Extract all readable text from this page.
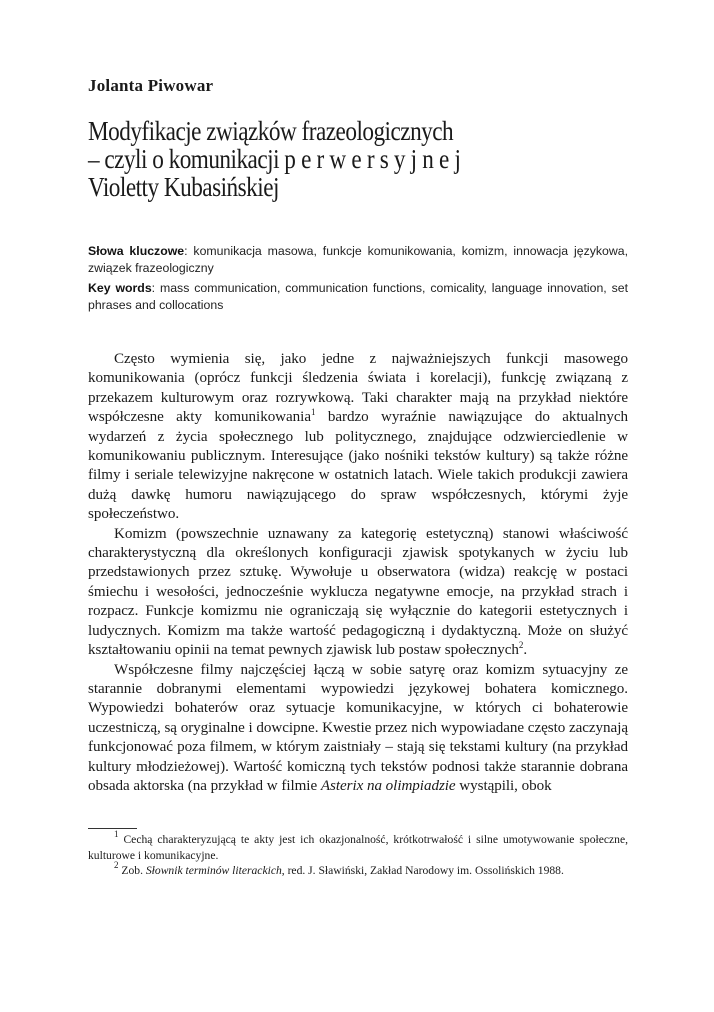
Jolanta Piwowar
Modyfikacje związków frazeologicznych
– czyli o komunikacji perwersyjnej
Violetty Kubasińskiej
Słowa kluczowe: komunikacja masowa, funkcje komunikowania, komizm, innowacja językowa, związek frazeologiczny
Key words: mass communication, communication functions, comicality, language innovation, set phrases and collocations

Często wymienia się, jako jedne z najważniejszych funkcji masowego komunikowania (oprócz funkcji śledzenia świata i korelacji), funkcję związaną z przekazem kulturowym oraz rozrywkową. Taki charakter mają na przykład niektóre współczesne akty komunikowania$^1$ bardzo wyraźnie nawiązujące do aktualnych wydarzeń z życia społecznego lub politycznego, znajdujące odzwierciedlenie w komunikowaniu publicznym. Interesujące (jako nośniki tekstów kultury) są także różne filmy i seriale telewizyjne nakręcone w ostatnich latach. Wiele takich produkcji zawiera dużą dawkę humoru nawiązującego do spraw współczesnych, którymi żyje społeczeństwo.

Komizm (powszechnie uznawany za kategorię estetyczną) stanowi właściwość charakterystyczną dla określonych konfiguracji zjawisk spotykanych w życiu lub przedstawionych przez sztukę. Wywołuje u obserwatora (widza) reakcję w postaci śmiechu i wesołości, jednocześnie wyklucza negatywne emocje, na przykład strach i rozpacz. Funkcje komizmu nie ograniczają się wyłącznie do kategorii estetycznych i ludycznych. Komizm ma także wartość pedagogiczną i dydaktyczną. Może on służyć kształtowaniu opinii na temat pewnych zjawisk lub postaw społecznych$^2$.

Współczesne filmy najczęściej łączą w sobie satyrę oraz komizm sytuacyjny ze starannie dobranymi elementami wypowiedzi językowej bohatera komicznego. Wypowiedzi bohaterów oraz sytuacje komunikacyjne, w których ci bohaterowie uczestniczą, są oryginalne i dowcipne. Kwestie przez nich wypowiadane często zaczynają funkcjonować poza filmem, w którym zaistniały – stają się tekstami kultury (na przykład kultury młodzieżowej). Wartość komiczną tych tekstów podnosi także starannie dobrana obsada aktorska (na przykład w filmie Asterix na olimpiadzie wystąpili, obok

$^1$ Cechą charakteryzującą te akty jest ich okazjonalność, krótkotrwałość i silne umotywowanie społeczne, kulturowe i komunikacyjne.

$^2$ Zob. Słownik terminów literackich, red. J. Sławiński, Zakład Narodowy im. Ossolińskich 1988.
